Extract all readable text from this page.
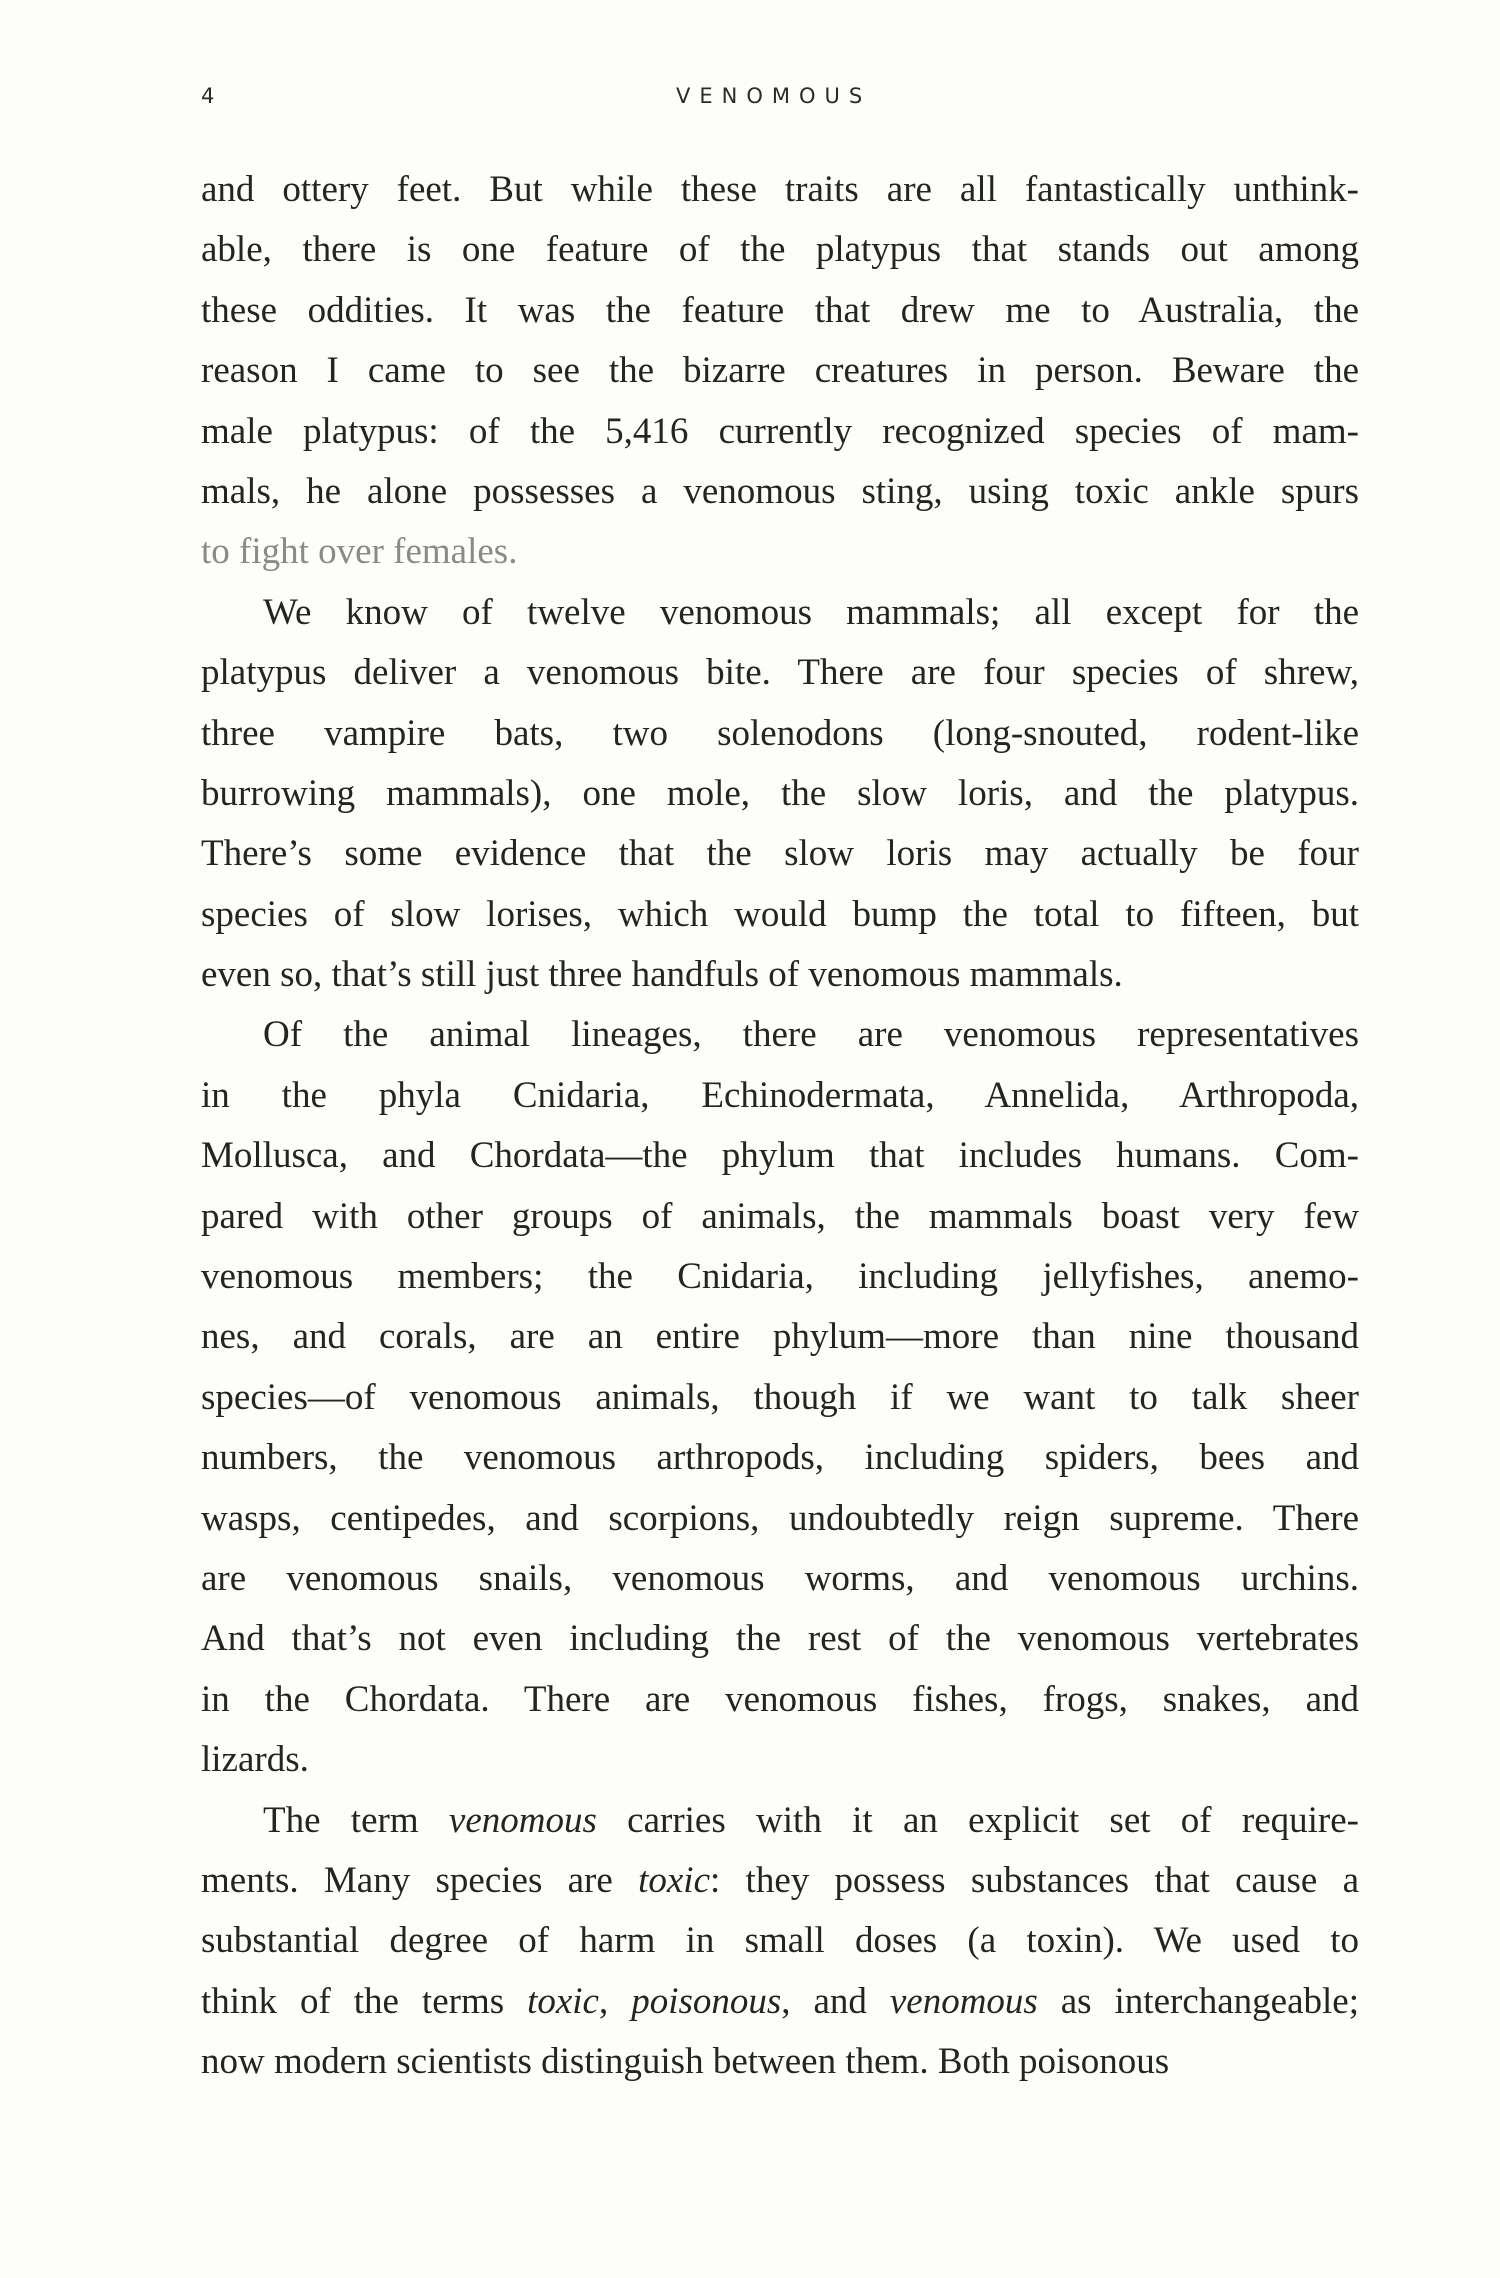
4	VENOMOUS
and ottery feet. But while these traits are all fantastically unthink-
able, there is one feature of the platypus that stands out among
these oddities. It was the feature that drew me to Australia, the
reason I came to see the bizarre creatures in person. Beware the
male platypus: of the 5,416 currently recognized species of mam-
mals, he alone possesses a venomous sting, using toxic ankle spurs
to fight over females.
We know of twelve venomous mammals; all except for the
platypus deliver a venomous bite. There are four species of shrew,
three vampire bats, two solenodons (long-snouted, rodent-like
burrowing mammals), one mole, the slow loris, and the platypus.
There’s some evidence that the slow loris may actually be four
species of slow lorises, which would bump the total to fifteen, but
even so, that’s still just three handfuls of venomous mammals.
Of the animal lineages, there are venomous representatives
in the phyla Cnidaria, Echinodermata, Annelida, Arthropoda,
Mollusca, and Chordata—the phylum that includes humans. Com-
pared with other groups of animals, the mammals boast very few
venomous members; the Cnidaria, including jellyfishes, anemo-
nes, and corals, are an entire phylum—more than nine thousand
species—of venomous animals, though if we want to talk sheer
numbers, the venomous arthropods, including spiders, bees and
wasps, centipedes, and scorpions, undoubtedly reign supreme. There
are venomous snails, venomous worms, and venomous urchins.
And that’s not even including the rest of the venomous vertebrates
in the Chordata. There are venomous fishes, frogs, snakes, and
lizards.
The term venomous carries with it an explicit set of require-
ments. Many species are toxic: they possess substances that cause a
substantial degree of harm in small doses (a toxin). We used to
think of the terms toxic, poisonous, and venomous as interchangeable;
now modern scientists distinguish between them. Both poisonous
